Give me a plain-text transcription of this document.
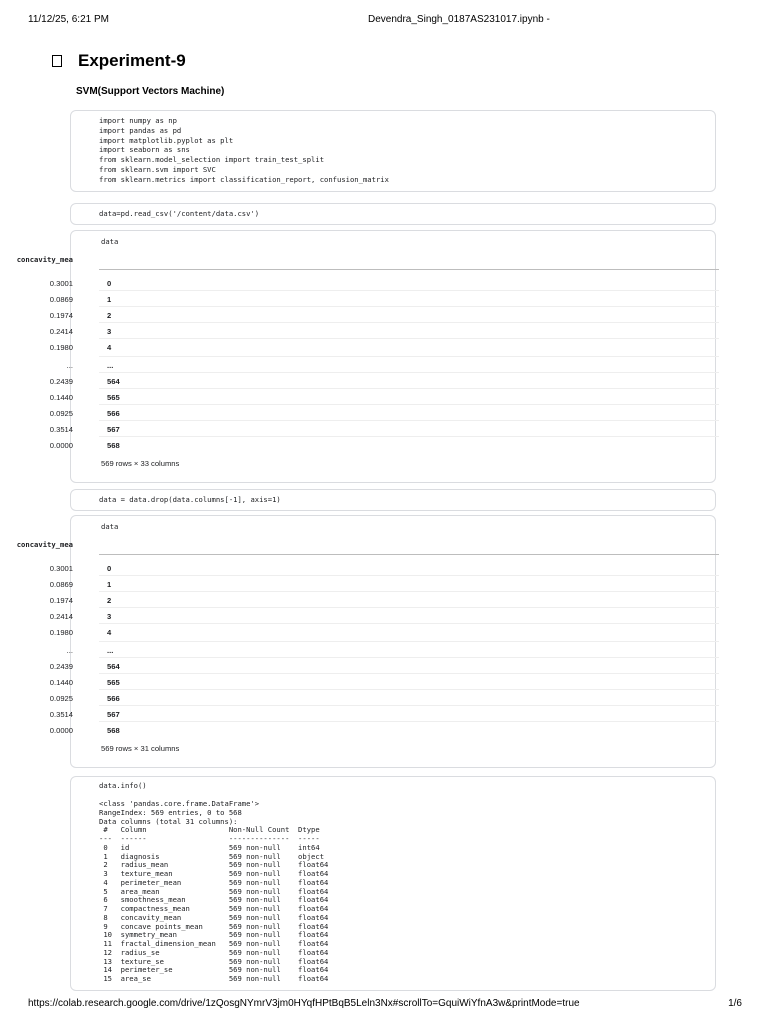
11/12/25, 6:21 PM	Devendra_Singh_0187AS231017.ipynb -
Experiment-9
SVM(Support Vectors Machine)
import numpy as np
import pandas as pd
import matplotlib.pyplot as plt
import seaborn as sns
from sklearn.model_selection import train_test_split
from sklearn.svm import SVC
from sklearn.metrics import classification_report, confusion_matrix
data=pd.read_csv('/content/data.csv')
data
concavity_mea
0
0.3001
1
0.0869
2
0.1974
3
0.2414
4
0.1980
...
...
564
0.2439
565
0.1440
566
0.0925
567
0.3514
568
0.0000
569 rows × 33 columns
data = data.drop(data.columns[-1], axis=1)
data
concavity_mea
0
0.3001
1
0.0869
2
0.1974
3
0.2414
4
0.1980
...
...
564
0.2439
565
0.1440
566
0.0925
567
0.3514
568
0.0000
569 rows × 31 columns
data.info()
<class 'pandas.core.frame.DataFrame'>
RangeIndex: 569 entries, 0 to 568
Data columns (total 31 columns):
#   Column                   Non-Null Count  Dtype
---  ------                   --------------  -----
0   id                       569 non-null    int64
1   diagnosis                569 non-null    object
2   radius_mean              569 non-null    float64
3   texture_mean             569 non-null    float64
4   perimeter_mean           569 non-null    float64
5   area_mean                569 non-null    float64
6   smoothness_mean          569 non-null    float64
7   compactness_mean         569 non-null    float64
8   concavity_mean           569 non-null    float64
9   concave points_mean      569 non-null    float64
10  symmetry_mean            569 non-null    float64
11  fractal_dimension_mean   569 non-null    float64
12  radius_se                569 non-null    float64
13  texture_se               569 non-null    float64
14  perimeter_se             569 non-null    float64
15  area_se                  569 non-null    float64
https://colab.research.google.com/drive/1zQosgNYmrV3jm0HYqfHPtBqB5Leln3Nx#scrollTo=GquiWiYfnA3w&printMode=true	1/6
